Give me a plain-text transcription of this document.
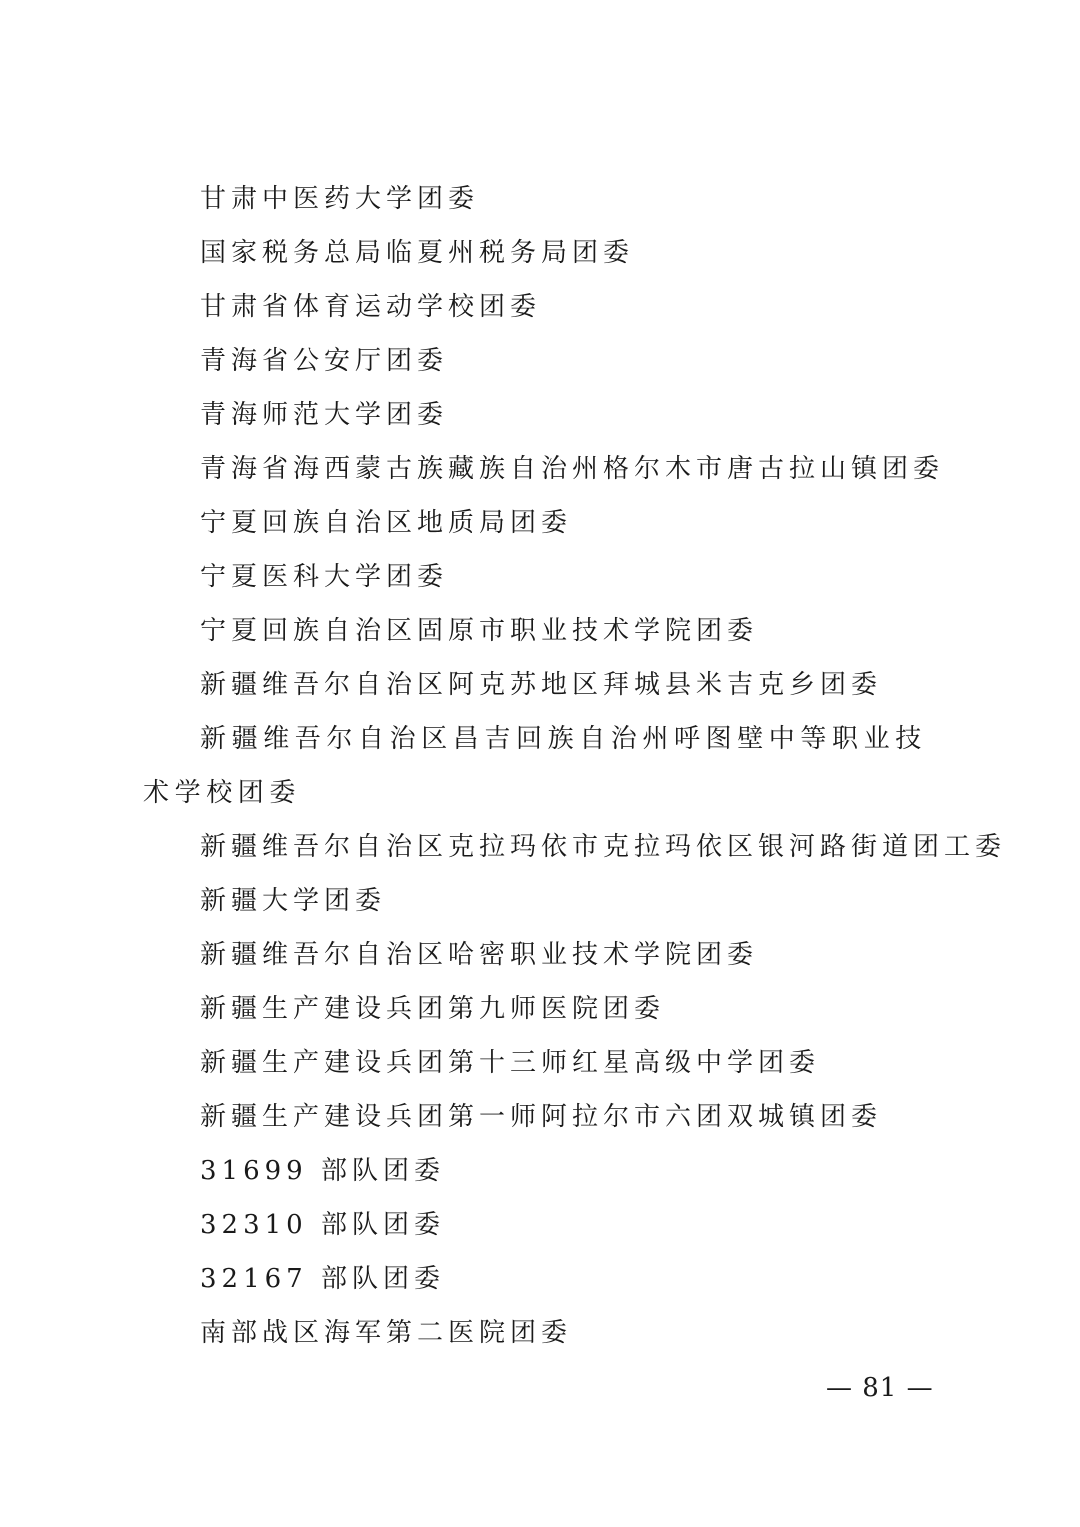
甘肃中医药大学团委
国家税务总局临夏州税务局团委
甘肃省体育运动学校团委
青海省公安厅团委
青海师范大学团委
青海省海西蒙古族藏族自治州格尔木市唐古拉山镇团委
宁夏回族自治区地质局团委
宁夏医科大学团委
宁夏回族自治区固原市职业技术学院团委
新疆维吾尔自治区阿克苏地区拜城县米吉克乡团委
新疆维吾尔自治区昌吉回族自治州呼图壁中等职业技术学校团委
新疆维吾尔自治区克拉玛依市克拉玛依区银河路街道团工委
新疆大学团委
新疆维吾尔自治区哈密职业技术学院团委
新疆生产建设兵团第九师医院团委
新疆生产建设兵团第十三师红星高级中学团委
新疆生产建设兵团第一师阿拉尔市六团双城镇团委
31699 部队团委
32310 部队团委
32167 部队团委
南部战区海军第二医院团委
— 81 —
